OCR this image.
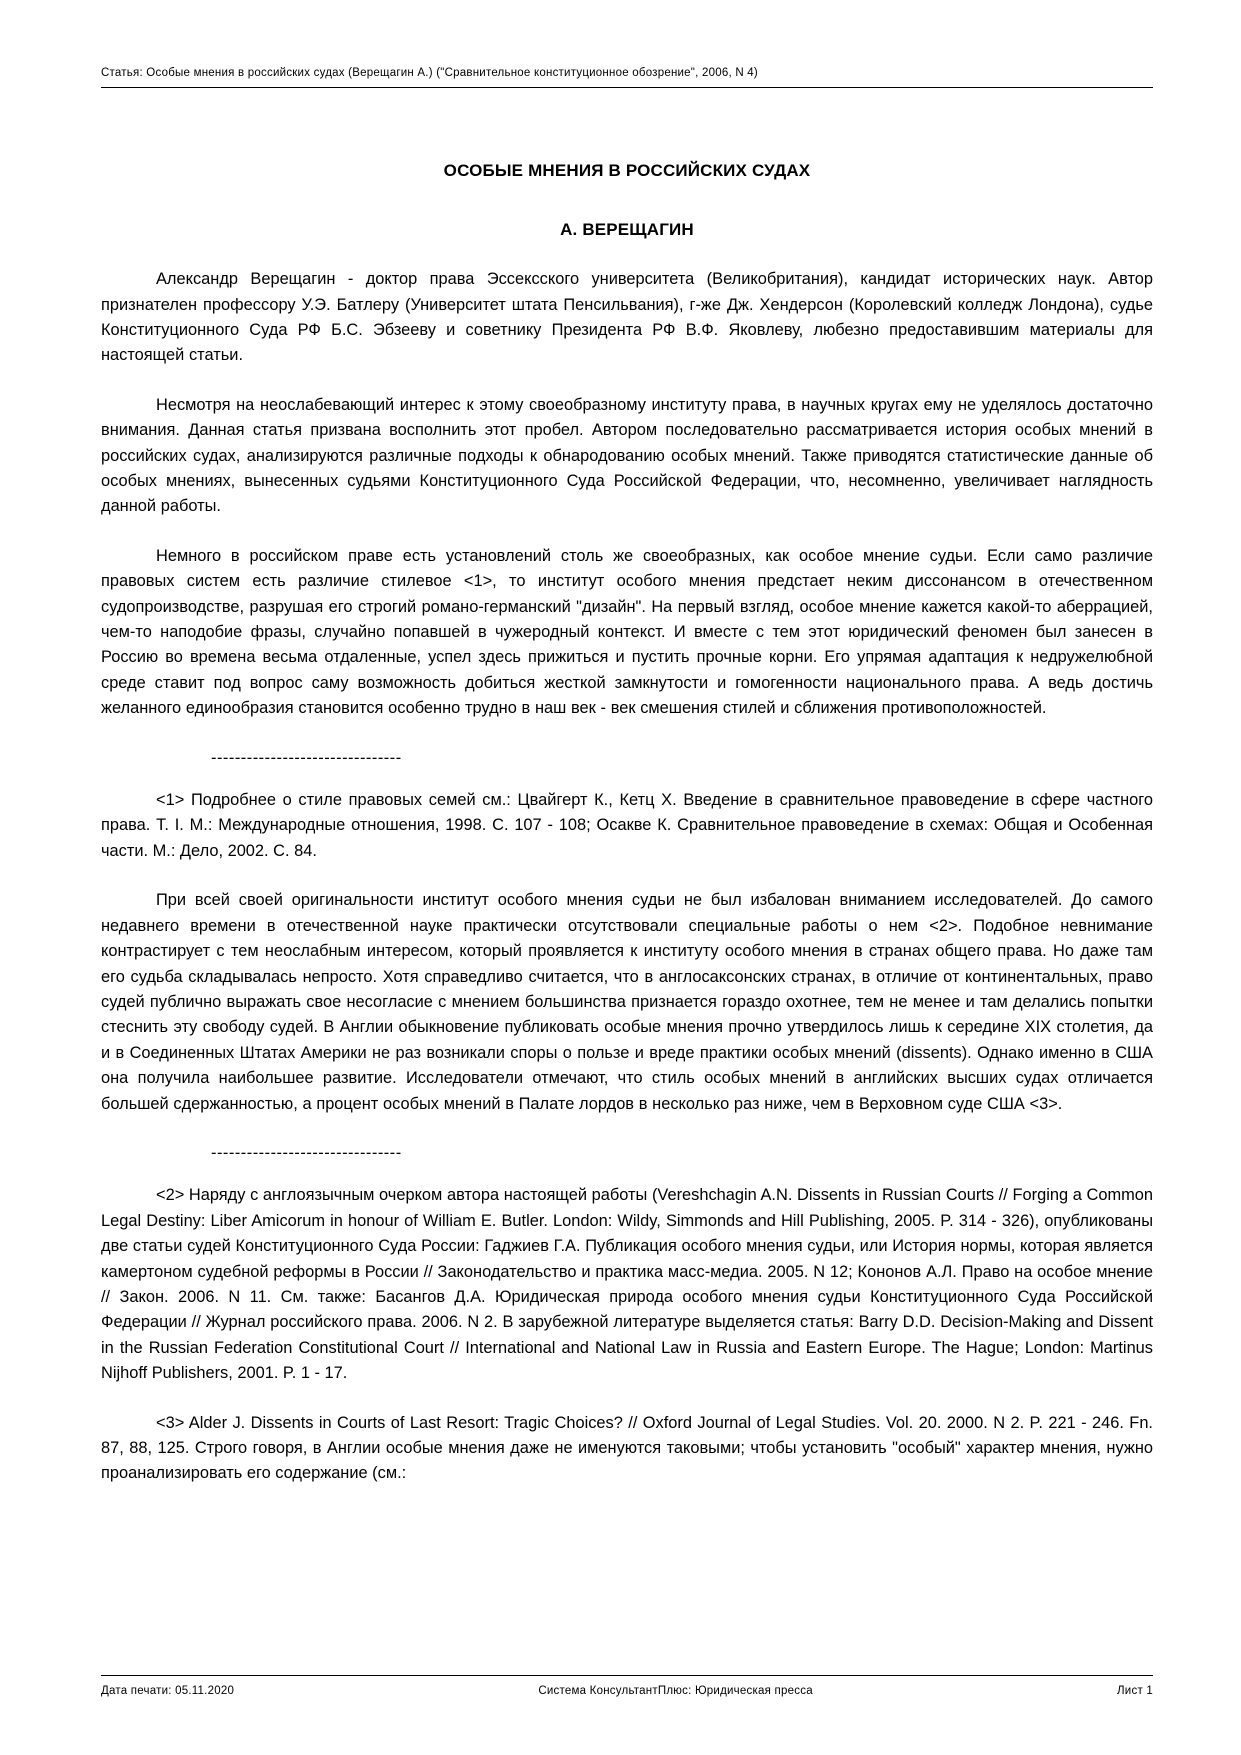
Статья: Особые мнения в российских судах (Верещагин А.) ("Сравнительное конституционное обозрение", 2006, N 4)
ОСОБЫЕ МНЕНИЯ В РОССИЙСКИХ СУДАХ
А. ВЕРЕЩАГИН

Александр Верещагин - доктор права Эссексского университета (Великобритания), кандидат исторических наук. Автор признателен профессору У.Э. Батлеру (Университет штата Пенсильвания), г-же Дж. Хендерсон (Королевский колледж Лондона), судье Конституционного Суда РФ Б.С. Эбзееву и советнику Президента РФ В.Ф. Яковлеву, любезно предоставившим материалы для настоящей статьи.

Несмотря на неослабевающий интерес к этому своеобразному институту права, в научных кругах ему не уделялось достаточно внимания. Данная статья призвана восполнить этот пробел. Автором последовательно рассматривается история особых мнений в российских судах, анализируются различные подходы к обнародованию особых мнений. Также приводятся статистические данные об особых мнениях, вынесенных судьями Конституционного Суда Российской Федерации, что, несомненно, увеличивает наглядность данной работы.

Немного в российском праве есть установлений столь же своеобразных, как особое мнение судьи. Если само различие правовых систем есть различие стилевое <1>, то институт особого мнения предстает неким диссонансом в отечественном судопроизводстве, разрушая его строгий романо-германский "дизайн". На первый взгляд, особое мнение кажется какой-то аберрацией, чем-то наподобие фразы, случайно попавшей в чужеродный контекст. И вместе с тем этот юридический феномен был занесен в Россию во времена весьма отдаленные, успел здесь прижиться и пустить прочные корни. Его упрямая адаптация к недружелюбной среде ставит под вопрос саму возможность добиться жесткой замкнутости и гомогенности национального права. А ведь достичь желанного единообразия становится особенно трудно в наш век - век смешения стилей и сближения противоположностей.

--------------------------------

<1> Подробнее о стиле правовых семей см.: Цвайгерт К., Кетц Х. Введение в сравнительное правоведение в сфере частного права. Т. I. М.: Международные отношения, 1998. С. 107 - 108; Осакве К. Сравнительное правоведение в схемах: Общая и Особенная части. М.: Дело, 2002. С. 84.

При всей своей оригинальности институт особого мнения судьи не был избалован вниманием исследователей. До самого недавнего времени в отечественной науке практически отсутствовали специальные работы о нем <2>. Подобное невнимание контрастирует с тем неослабным интересом, который проявляется к институту особого мнения в странах общего права. Но даже там его судьба складывалась непросто. Хотя справедливо считается, что в англосаксонских странах, в отличие от континентальных, право судей публично выражать свое несогласие с мнением большинства признается гораздо охотнее, тем не менее и там делались попытки стеснить эту свободу судей. В Англии обыкновение публиковать особые мнения прочно утвердилось лишь к середине XIX столетия, да и в Соединенных Штатах Америки не раз возникали споры о пользе и вреде практики особых мнений (dissents). Однако именно в США она получила наибольшее развитие. Исследователи отмечают, что стиль особых мнений в английских высших судах отличается большей сдержанностью, а процент особых мнений в Палате лордов в несколько раз ниже, чем в Верховном суде США <3>.

--------------------------------

<2> Наряду с англоязычным очерком автора настоящей работы (Vereshchagin A.N. Dissents in Russian Courts // Forging a Common Legal Destiny: Liber Amicorum in honour of William E. Butler. London: Wildy, Simmonds and Hill Publishing, 2005. P. 314 - 326), опубликованы две статьи судей Конституционного Суда России: Гаджиев Г.А. Публикация особого мнения судьи, или История нормы, которая является камертоном судебной реформы в России // Законодательство и практика масс-медиа. 2005. N 12; Кононов А.Л. Право на особое мнение // Закон. 2006. N 11. См. также: Басангов Д.А. Юридическая природа особого мнения судьи Конституционного Суда Российской Федерации // Журнал российского права. 2006. N 2. В зарубежной литературе выделяется статья: Barry D.D. Decision-Making and Dissent in the Russian Federation Constitutional Court // International and National Law in Russia and Eastern Europe. The Hague; London: Martinus Nijhoff Publishers, 2001. P. 1 - 17.

<3> Alder J. Dissents in Courts of Last Resort: Tragic Choices? // Oxford Journal of Legal Studies. Vol. 20. 2000. N 2. P. 221 - 246. Fn. 87, 88, 125. Строго говоря, в Англии особые мнения даже не именуются таковыми; чтобы установить "особый" характер мнения, нужно проанализировать его содержание (см.:

Дата печати: 05.11.2020	Система КонсультантПлюс: Юридическая пресса	Лист 1
